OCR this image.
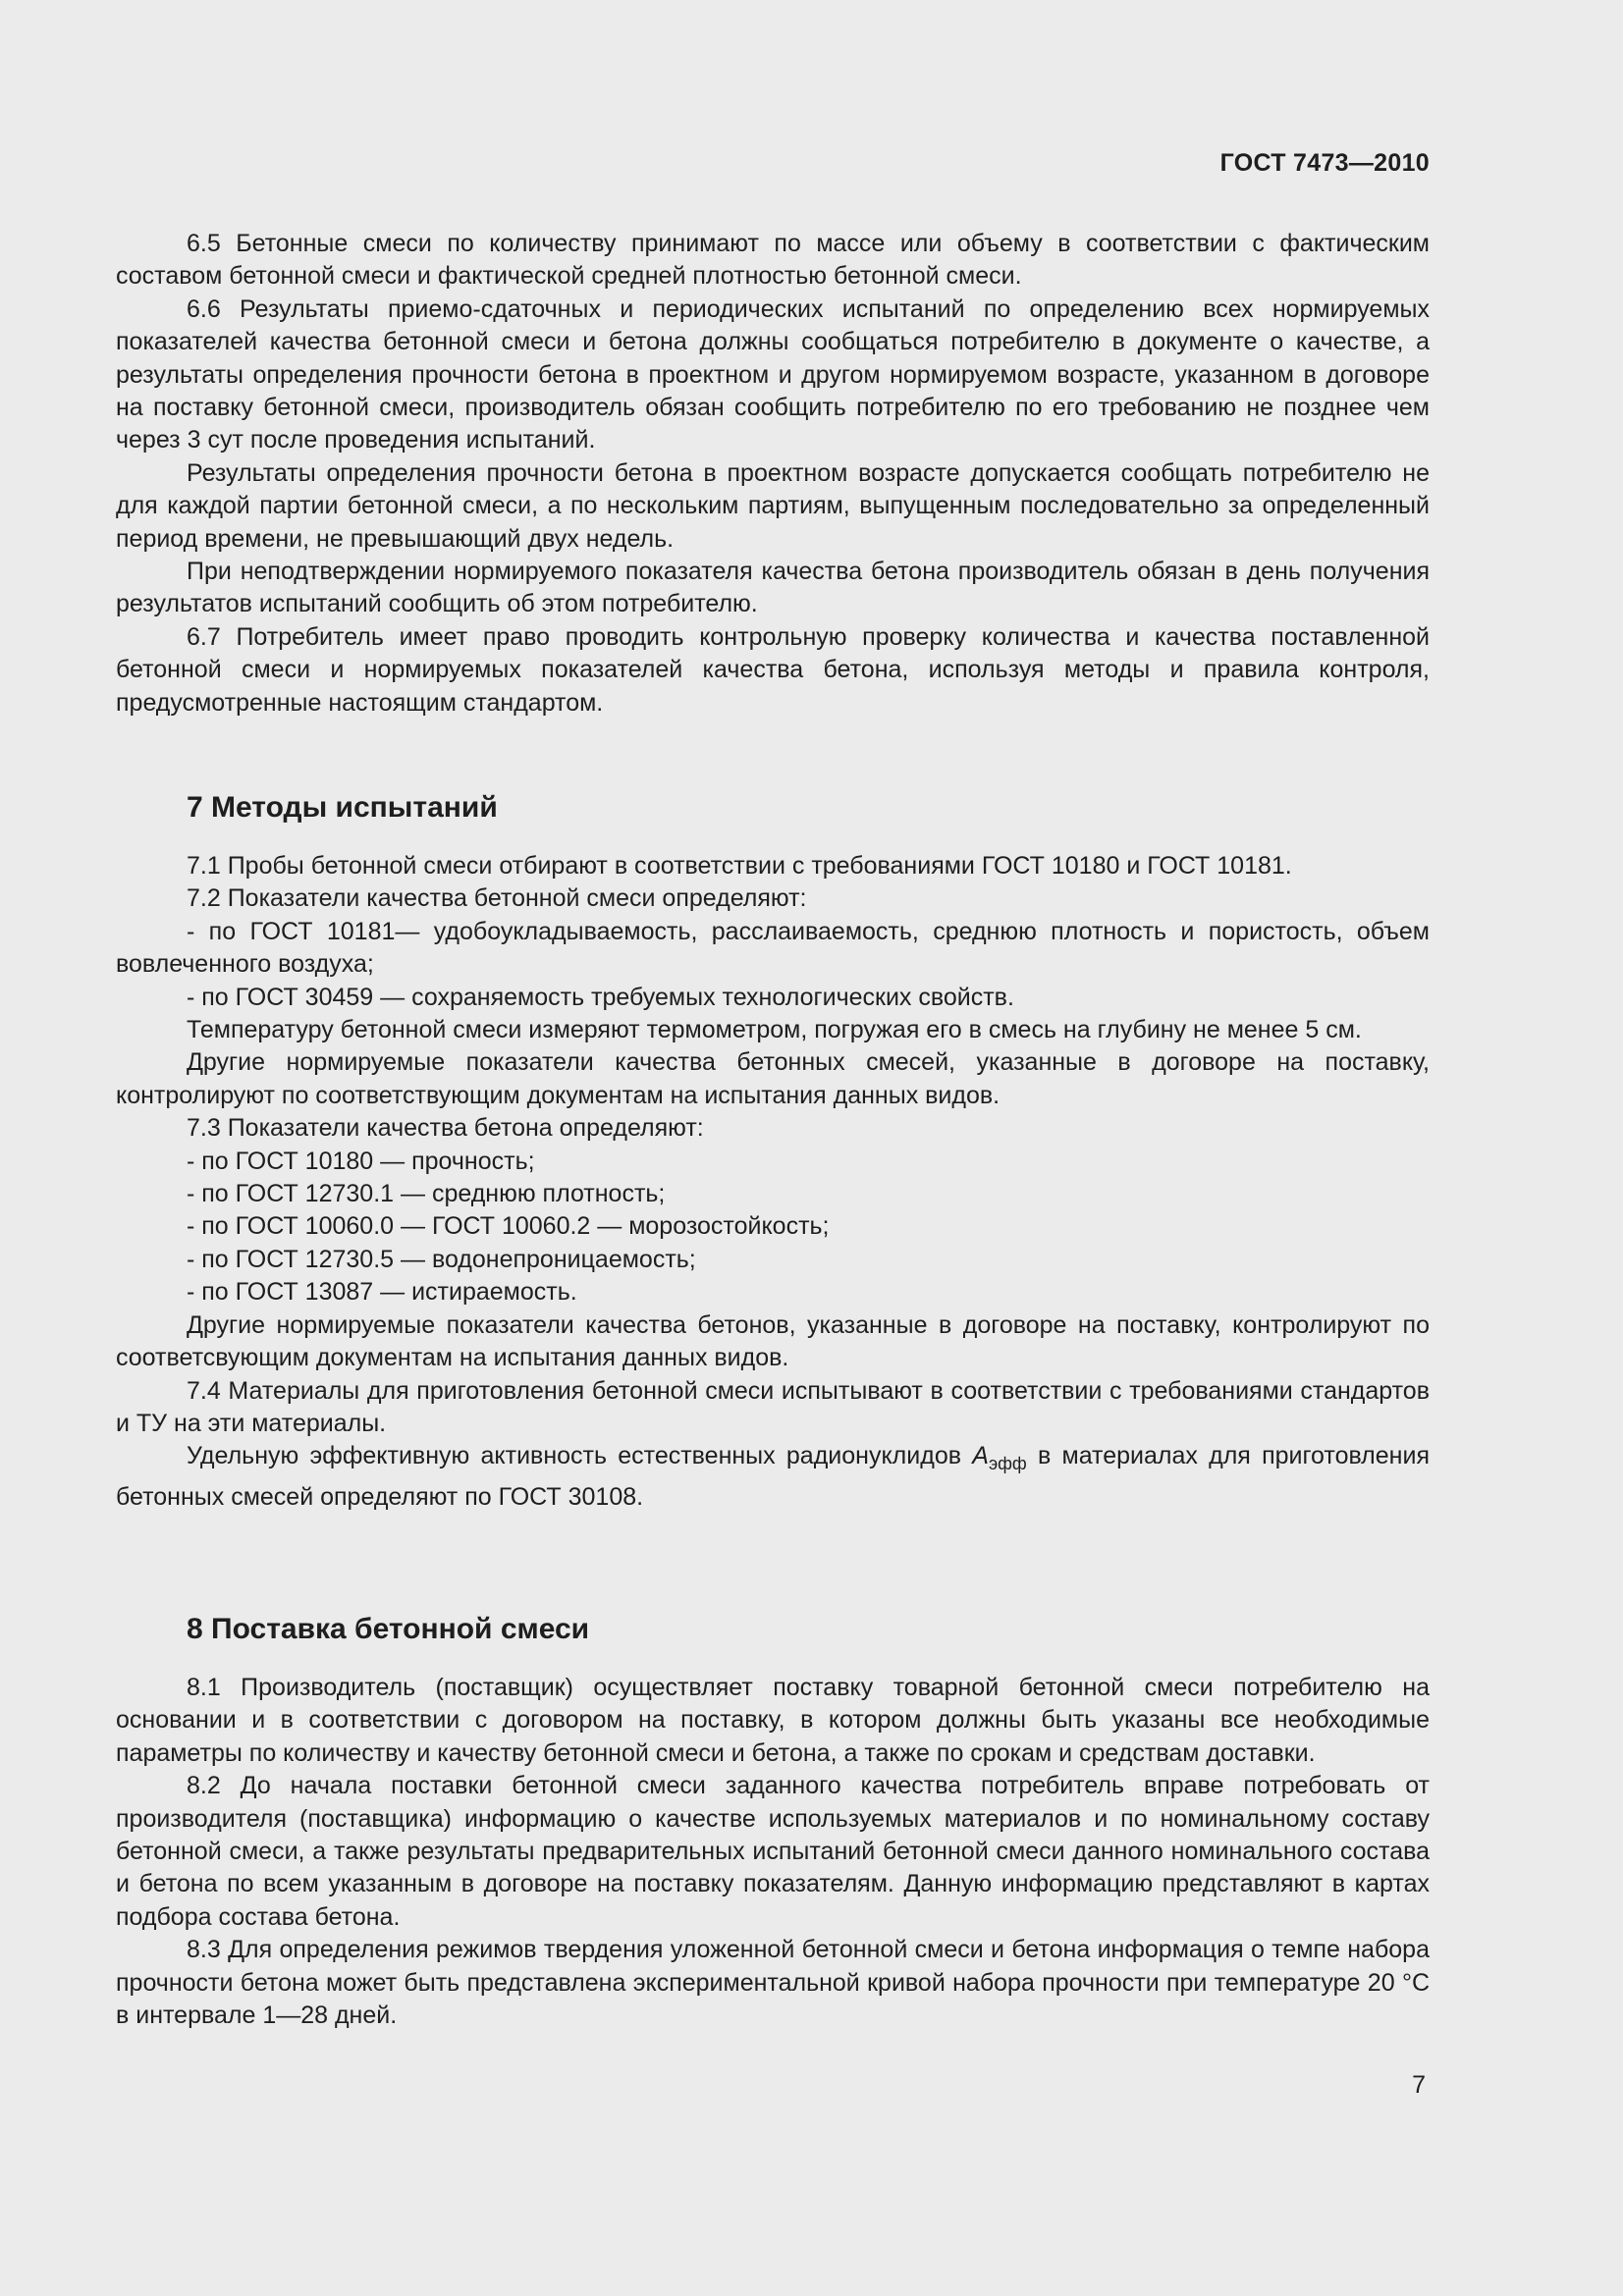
ГОСТ 7473—2010

6.5 Бетонные смеси по количеству принимают по массе или объему в соответствии с фактическим составом бетонной смеси и фактической средней плотностью бетонной смеси.

6.6 Результаты приемо-сдаточных и периодических испытаний по определению всех нормируемых показателей качества бетонной смеси и бетона должны сообщаться потребителю в документе о качестве, а результаты определения прочности бетона в проектном и другом нормируемом возрасте, указанном в договоре на поставку бетонной смеси, производитель обязан сообщить потребителю по его требованию не позднее чем через 3 сут после проведения испытаний.

Результаты определения прочности бетона в проектном возрасте допускается сообщать потребителю не для каждой партии бетонной смеси, а по нескольким партиям, выпущенным последовательно за определенный период времени, не превышающий двух недель.

При неподтверждении нормируемого показателя качества бетона производитель обязан в день получения результатов испытаний сообщить об этом потребителю.

6.7 Потребитель имеет право проводить контрольную проверку количества и качества поставленной бетонной смеси и нормируемых показателей качества бетона, используя методы и правила контроля, предусмотренные настоящим стандартом.

7 Методы испытаний

7.1 Пробы бетонной смеси отбирают в соответствии с требованиями ГОСТ 10180 и ГОСТ 10181.

7.2 Показатели качества бетонной смеси определяют:

- по ГОСТ 10181— удобоукладываемость, расслаиваемость, среднюю плотность и пористость, объем вовлеченного воздуха;

- по ГОСТ 30459 — сохраняемость требуемых технологических свойств.

Температуру бетонной смеси измеряют термометром, погружая его в смесь на глубину не менее 5 см.

Другие нормируемые показатели качества бетонных смесей, указанные в договоре на поставку, контролируют по соответствующим документам на испытания данных видов.

7.3 Показатели качества бетона определяют:

- по ГОСТ 10180 — прочность;

- по ГОСТ 12730.1 — среднюю плотность;

- по ГОСТ 10060.0 — ГОСТ 10060.2 — морозостойкость;

- по ГОСТ 12730.5 — водонепроницаемость;

- по ГОСТ 13087 — истираемость.

Другие нормируемые показатели качества бетонов, указанные в договоре на поставку, контролируют по соответсвующим документам на испытания данных видов.

7.4 Материалы для приготовления бетонной смеси испытывают в соответствии с требованиями стандартов и ТУ на эти материалы.

Удельную эффективную активность естественных радионуклидов $A_{эфф}$ в материалах для приготовления бетонных смесей определяют по ГОСТ 30108.

8 Поставка бетонной смеси

8.1 Производитель (поставщик) осуществляет поставку товарной бетонной смеси потребителю на основании и в соответствии с договором на поставку, в котором должны быть указаны все необходимые параметры по количеству и качеству бетонной смеси и бетона, а также по срокам и средствам доставки.

8.2 До начала поставки бетонной смеси заданного качества потребитель вправе потребовать от производителя (поставщика) информацию о качестве используемых материалов и по номинальному составу бетонной смеси, а также результаты предварительных испытаний бетонной смеси данного номинального состава и бетона по всем указанным в договоре на поставку показателям. Данную информацию представляют в картах подбора состава бетона.

8.3 Для определения режимов твердения уложенной бетонной смеси и бетона информация о темпе набора прочности бетона может быть представлена экспериментальной кривой набора прочности при температуре 20 °С в интервале 1—28 дней.

7
